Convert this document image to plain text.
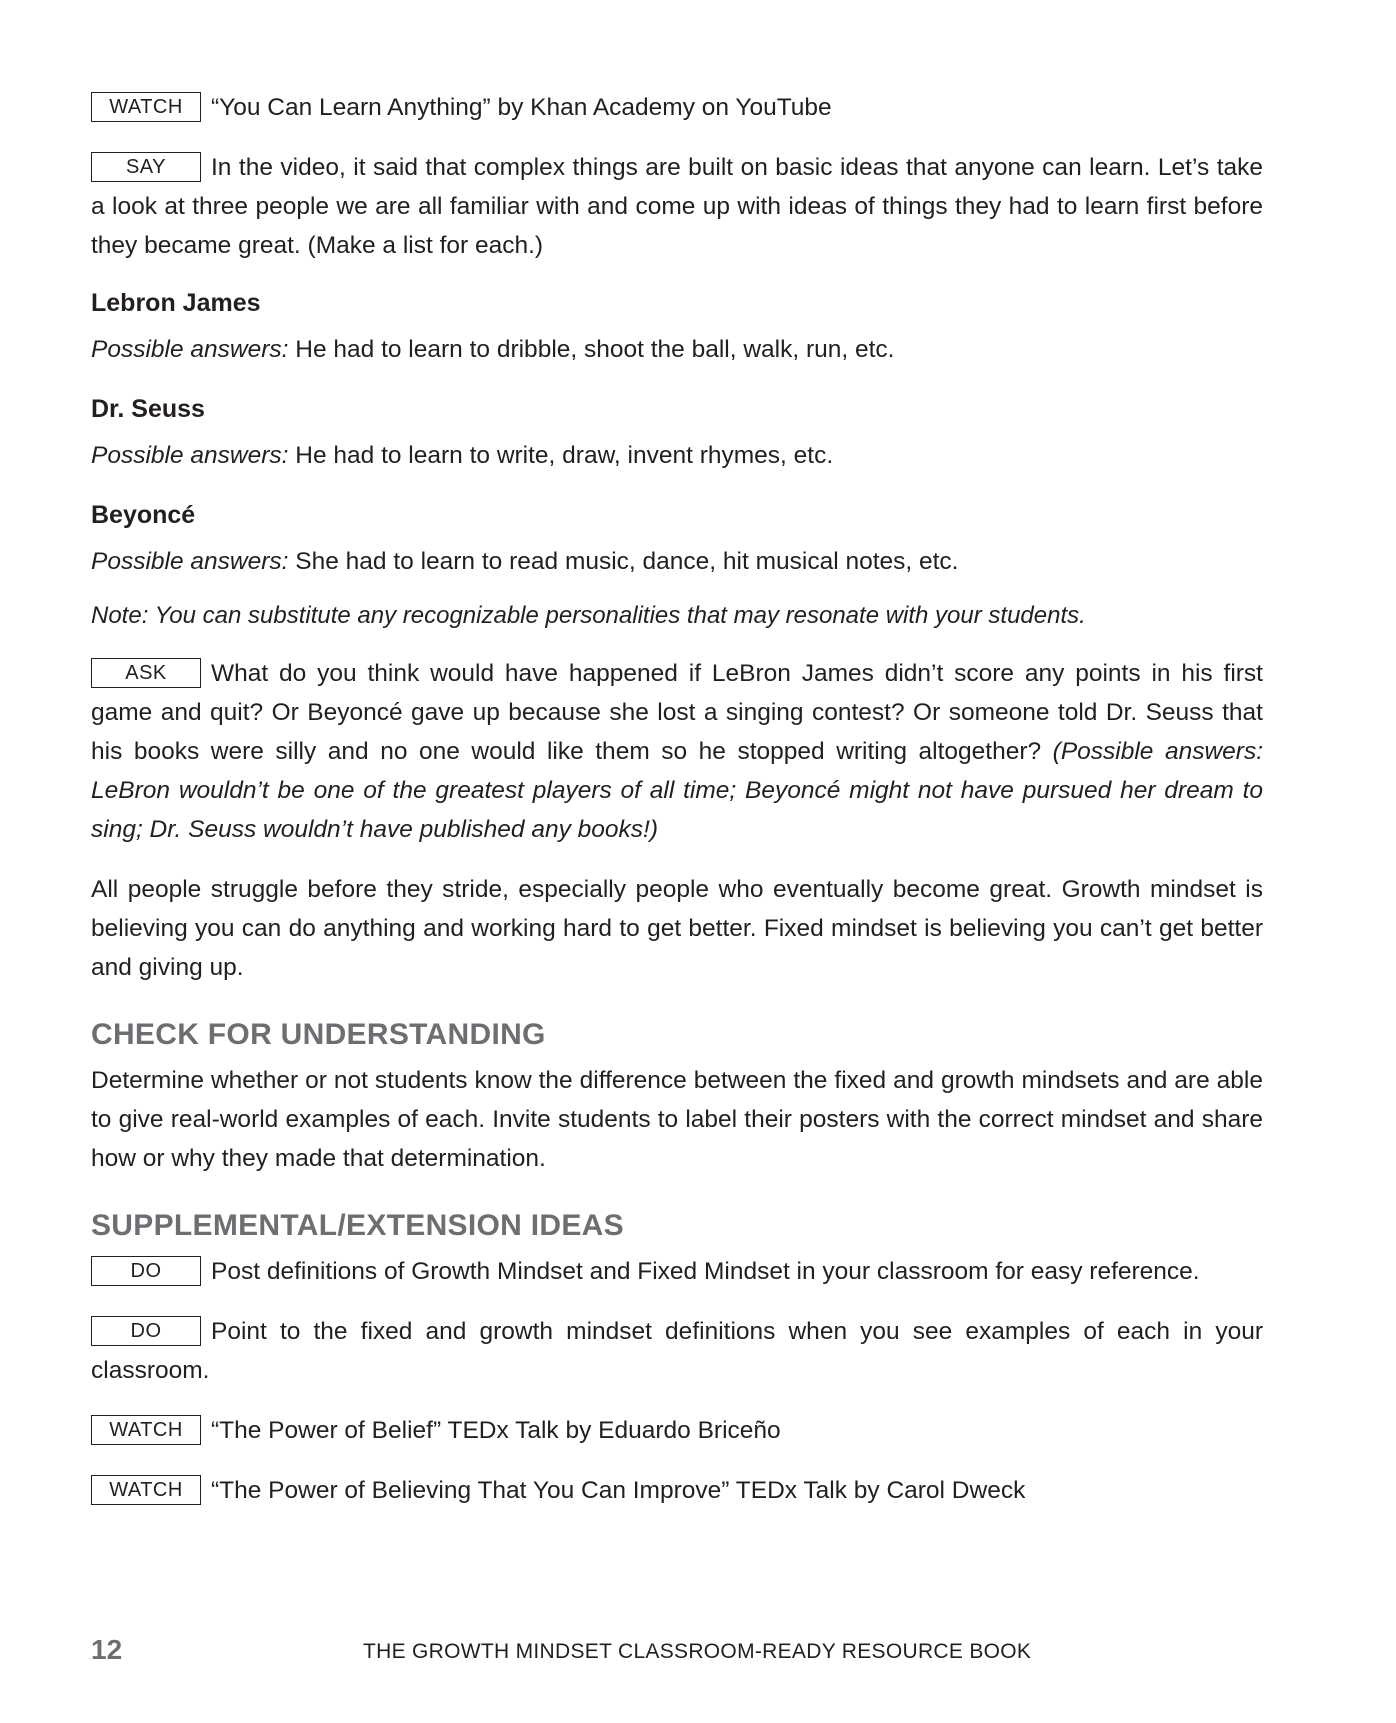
WATCH “You Can Learn Anything” by Khan Academy on YouTube

SAY In the video, it said that complex things are built on basic ideas that anyone can learn. Let’s take a look at three people we are all familiar with and come up with ideas of things they had to learn first before they became great. (Make a list for each.)

Lebron James

Possible answers: He had to learn to dribble, shoot the ball, walk, run, etc.

Dr. Seuss

Possible answers: He had to learn to write, draw, invent rhymes, etc.

Beyoncé

Possible answers: She had to learn to read music, dance, hit musical notes, etc.

Note: You can substitute any recognizable personalities that may resonate with your students.

ASK What do you think would have happened if LeBron James didn’t score any points in his first game and quit? Or Beyoncé gave up because she lost a singing contest? Or someone told Dr. Seuss that his books were silly and no one would like them so he stopped writing altogether? (Possible answers: LeBron wouldn’t be one of the greatest players of all time; Beyoncé might not have pursued her dream to sing; Dr. Seuss wouldn’t have published any books!)

All people struggle before they stride, especially people who eventually become great. Growth mindset is believing you can do anything and working hard to get better. Fixed mindset is believing you can’t get better and giving up.

CHECK FOR UNDERSTANDING

Determine whether or not students know the difference between the fixed and growth mindsets and are able to give real-world examples of each. Invite students to label their posters with the correct mindset and share how or why they made that determination.

SUPPLEMENTAL/EXTENSION IDEAS

DO Post definitions of Growth Mindset and Fixed Mindset in your classroom for easy reference.

DO Point to the fixed and growth mindset definitions when you see examples of each in your classroom.

WATCH “The Power of Belief” TEDx Talk by Eduardo Briceño

WATCH “The Power of Believing That You Can Improve” TEDx Talk by Carol Dweck

12	THE GROWTH MINDSET CLASSROOM-READY RESOURCE BOOK
